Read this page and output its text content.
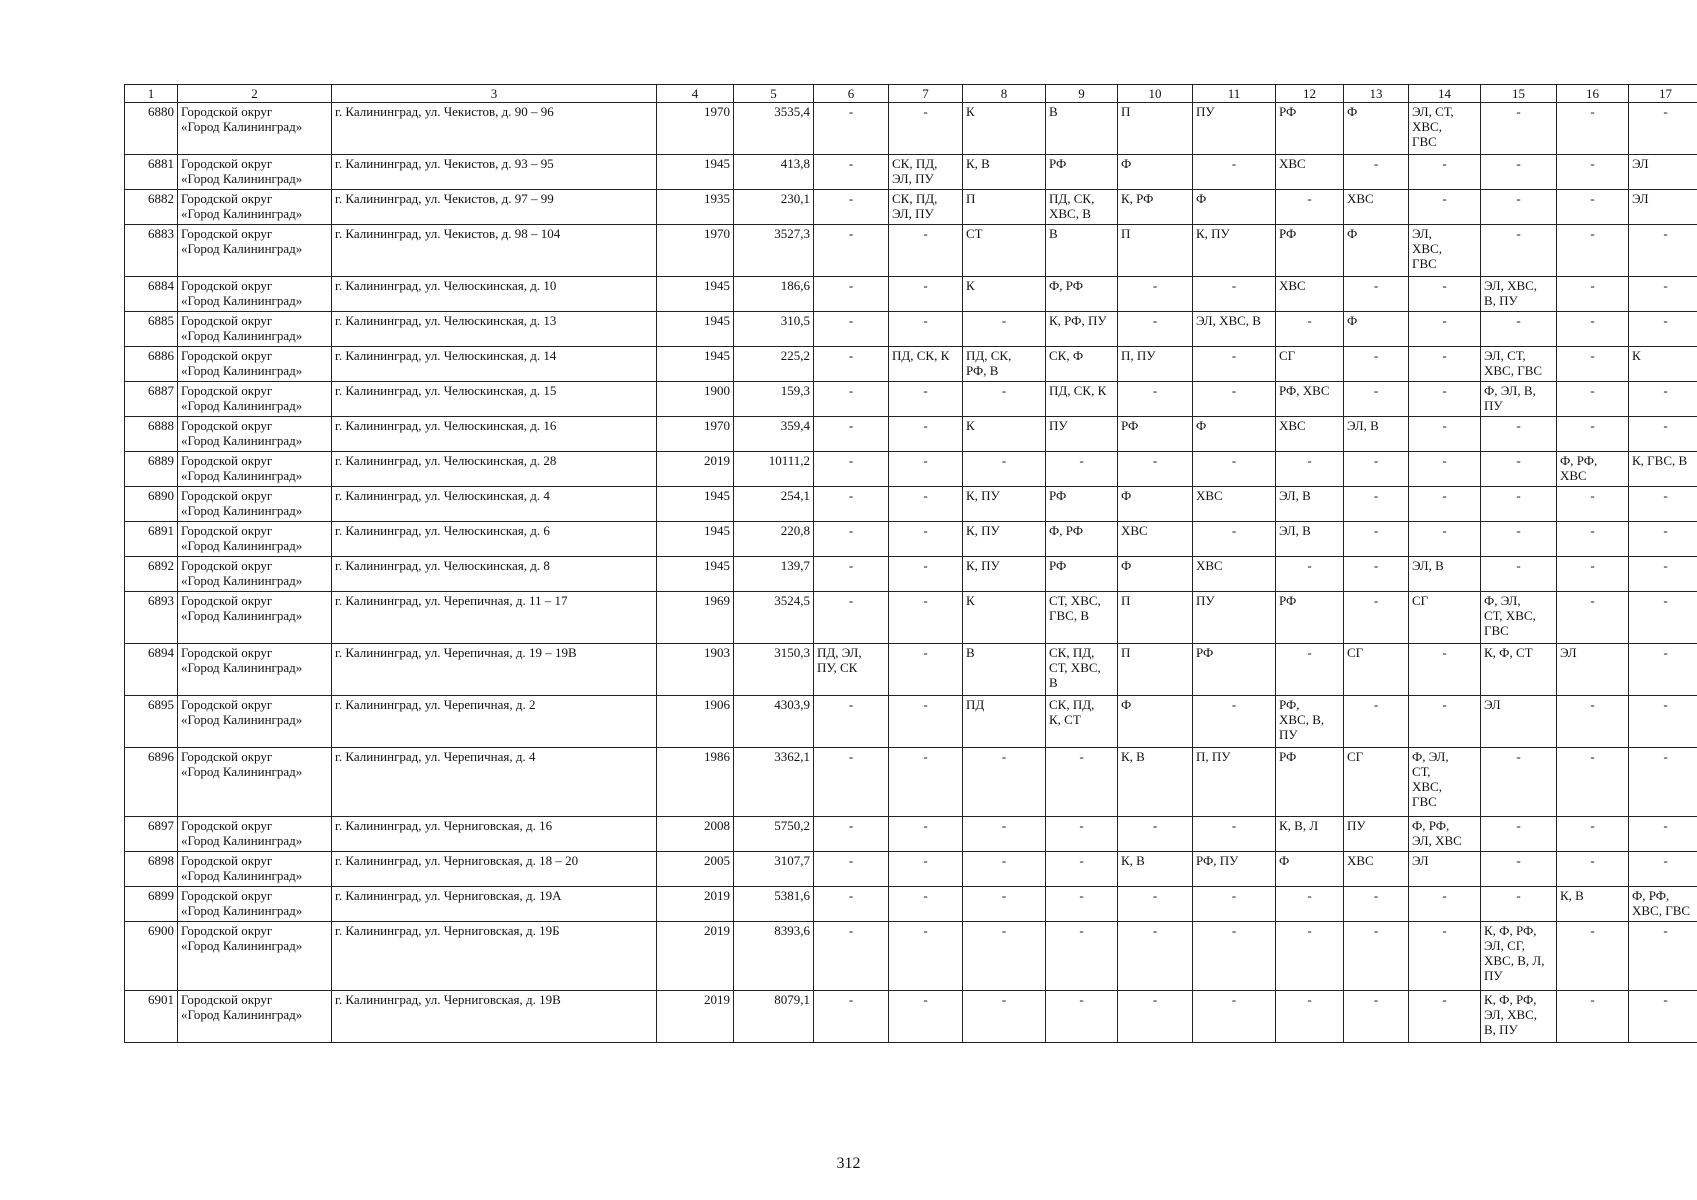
1	2	3	4	5	6	7	8	9	10	11	12	13	14	15	16	17
6880	Городской округ
«Город Калининград»	г. Калининград, ул. Чекистов, д. 90 – 96	1970	3535,4	-	-	К	В	П	ПУ	РФ	Ф	ЭЛ, СТ,
ХВС,
ГВС	-	-	-
6881	Городской округ
«Город Калининград»	г. Калининград, ул. Чекистов, д. 93 – 95	1945	413,8	-	СК, ПД,
ЭЛ, ПУ	К, В	РФ	Ф	-	ХВС	-	-	-	-	ЭЛ
6882	Городской округ
«Город Калининград»	г. Калининград, ул. Чекистов, д. 97 – 99	1935	230,1	-	СК, ПД,
ЭЛ, ПУ	П	ПД, СК,
ХВС, В	К, РФ	Ф	-	ХВС	-	-	-	ЭЛ
6883	Городской округ
«Город Калининград»	г. Калининград, ул. Чекистов, д. 98 – 104	1970	3527,3	-	-	СТ	В	П	К, ПУ	РФ	Ф	ЭЛ,
ХВС,
ГВС	-	-	-
6884	Городской округ
«Город Калининград»	г. Калининград, ул. Челюскинская, д. 10	1945	186,6	-	-	К	Ф, РФ	-	-	ХВС	-	-	ЭЛ, ХВС,
В, ПУ	-	-
6885	Городской округ
«Город Калининград»	г. Калининград, ул. Челюскинская, д. 13	1945	310,5	-	-	-	К, РФ, ПУ	-	ЭЛ, ХВС, В	-	Ф	-	-	-	-
6886	Городской округ
«Город Калининград»	г. Калининград, ул. Челюскинская, д. 14	1945	225,2	-	ПД, СК, К	ПД, СК,
РФ, В	СК, Ф	П, ПУ	-	СГ	-	-	ЭЛ, СТ,
ХВС, ГВС	-	К
6887	Городской округ
«Город Калининград»	г. Калининград, ул. Челюскинская, д. 15	1900	159,3	-	-	-	ПД, СК, К	-	-	РФ, ХВС	-	-	Ф, ЭЛ, В,
ПУ	-	-
6888	Городской округ
«Город Калининград»	г. Калининград, ул. Челюскинская, д. 16	1970	359,4	-	-	К	ПУ	РФ	Ф	ХВС	ЭЛ, В	-	-	-	-
6889	Городской округ
«Город Калининград»	г. Калининград, ул. Челюскинская, д. 28	2019	10111,2	-	-	-	-	-	-	-	-	-	-	Ф, РФ,
ХВС	К, ГВС, В
6890	Городской округ
«Город Калининград»	г. Калининград, ул. Челюскинская, д. 4	1945	254,1	-	-	К, ПУ	РФ	Ф	ХВС	ЭЛ, В	-	-	-	-	-
6891	Городской округ
«Город Калининград»	г. Калининград, ул. Челюскинская, д. 6	1945	220,8	-	-	К, ПУ	Ф, РФ	ХВС	-	ЭЛ, В	-	-	-	-	-
6892	Городской округ
«Город Калининград»	г. Калининград, ул. Челюскинская, д. 8	1945	139,7	-	-	К, ПУ	РФ	Ф	ХВС	-	-	ЭЛ, В	-	-	-
6893	Городской округ
«Город Калининград»	г. Калининград, ул. Черепичная, д. 11 – 17	1969	3524,5	-	-	К	СТ, ХВС,
ГВС, В	П	ПУ	РФ	-	СГ	Ф, ЭЛ,
СТ, ХВС,
ГВС	-	-
6894	Городской округ
«Город Калининград»	г. Калининград, ул. Черепичная, д. 19 – 19В	1903	3150,3	ПД, ЭЛ,
ПУ, СК	-	В	СК, ПД,
СТ, ХВС,
В	П	РФ	-	СГ	-	К, Ф, СТ	ЭЛ	-
6895	Городской округ
«Город Калининград»	г. Калининград, ул. Черепичная, д. 2	1906	4303,9	-	-	ПД	СК, ПД,
К, СТ	Ф	-	РФ,
ХВС, В,
ПУ	-	-	ЭЛ	-	-
6896	Городской округ
«Город Калининград»	г. Калининград, ул. Черепичная, д. 4	1986	3362,1	-	-	-	-	К, В	П, ПУ	РФ	СГ	Ф, ЭЛ,
СТ,
ХВС,
ГВС	-	-	-
6897	Городской округ
«Город Калининград»	г. Калининград, ул. Черниговская, д. 16	2008	5750,2	-	-	-	-	-	-	К, В, Л	ПУ	Ф, РФ,
ЭЛ, ХВС	-	-	-
6898	Городской округ
«Город Калининград»	г. Калининград, ул. Черниговская, д. 18 – 20	2005	3107,7	-	-	-	-	К, В	РФ, ПУ	Ф	ХВС	ЭЛ	-	-	-
6899	Городской округ
«Город Калининград»	г. Калининград, ул. Черниговская, д. 19А	2019	5381,6	-	-	-	-	-	-	-	-	-	-	К, В	Ф, РФ,
ХВС, ГВС
6900	Городской округ
«Город Калининград»	г. Калининград, ул. Черниговская, д. 19Б	2019	8393,6	-	-	-	-	-	-	-	-	-	К, Ф, РФ,
ЭЛ, СГ,
ХВС, В, Л,
ПУ	-	-
6901	Городской округ
«Город Калининград»	г. Калининград, ул. Черниговская, д. 19В	2019	8079,1	-	-	-	-	-	-	-	-	-	К, Ф, РФ,
ЭЛ, ХВС,
В, ПУ	-	-
312
